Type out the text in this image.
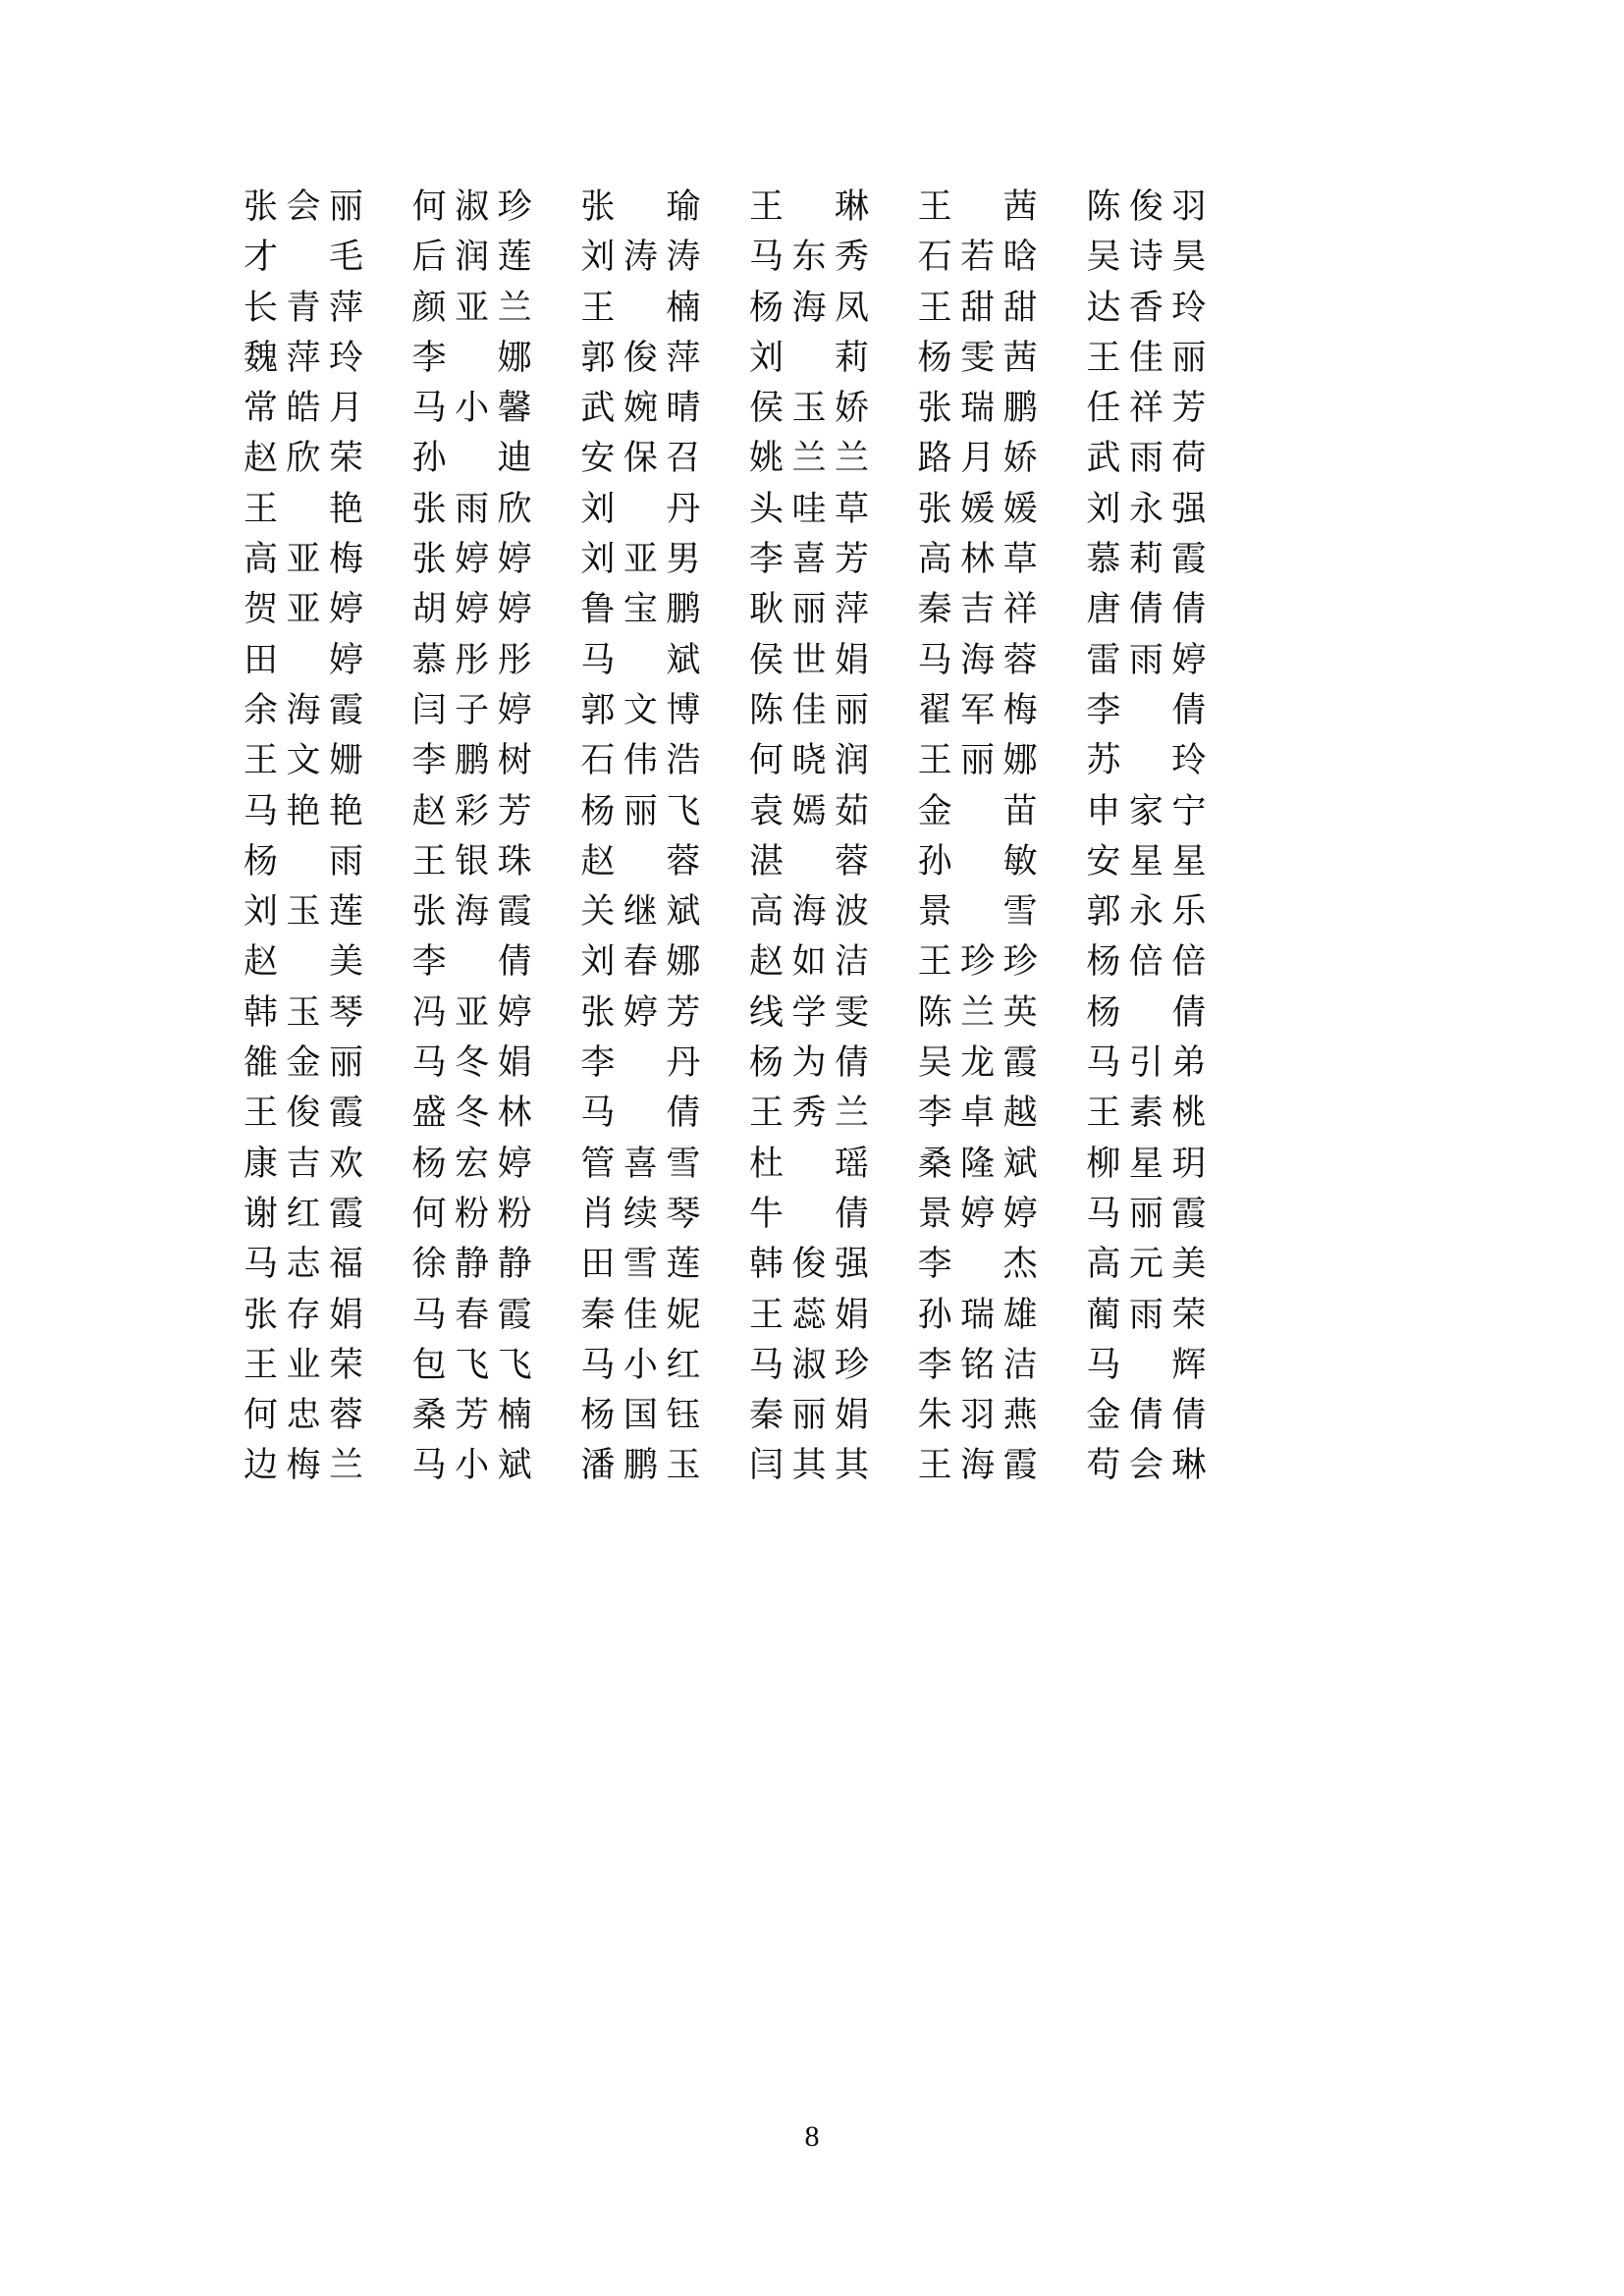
张会丽 何淑珍 张 瑜 王 琳 王 茜 陈俊羽
才 毛 后润莲 刘涛涛 马东秀 石若晗 吴诗昊
长青萍 颜亚兰 王 楠 杨海凤 王甜甜 达香玲
魏萍玲 李 娜 郭俊萍 刘 莉 杨雯茜 王佳丽
常皓月 马小馨 武婉晴 侯玉娇 张瑞鹏 任祥芳
赵欣荣 孙 迪 安保召 姚兰兰 路月娇 武雨荷
王 艳 张雨欣 刘 丹 头哇草 张媛媛 刘永强
高亚梅 张婷婷 刘亚男 李喜芳 高林草 慕莉霞
贺亚婷 胡婷婷 鲁宝鹏 耿丽萍 秦吉祥 唐倩倩
田 婷 慕彤彤 马 斌 侯世娟 马海蓉 雷雨婷
余海霞 闫子婷 郭文博 陈佳丽 翟军梅 李 倩
王文姗 李鹏树 石伟浩 何晓润 王丽娜 苏 玲
马艳艳 赵彩芳 杨丽飞 袁嫣茹 金 苗 申家宁
杨 雨 王银珠 赵 蓉 湛 蓉 孙 敏 安星星
刘玉莲 张海霞 关继斌 高海波 景 雪 郭永乐
赵 美 李 倩 刘春娜 赵如洁 王珍珍 杨倍倍
韩玉琴 冯亚婷 张婷芳 线学雯 陈兰英 杨 倩
雒金丽 马冬娟 李 丹 杨为倩 吴龙霞 马引弟
王俊霞 盛冬林 马 倩 王秀兰 李卓越 王素桃
康吉欢 杨宏婷 管喜雪 杜 瑶 桑隆斌 柳星玥
谢红霞 何粉粉 肖续琴 牛 倩 景婷婷 马丽霞
马志福 徐静静 田雪莲 韩俊强 李 杰 高元美
张存娟 马春霞 秦佳妮 王蕊娟 孙瑞雄 蔺雨荣
王业荣 包飞飞 马小红 马淑珍 李铭洁 马 辉
何忠蓉 桑芳楠 杨国钰 秦丽娟 朱羽燕 金倩倩
边梅兰 马小斌 潘鹏玉 闫其其 王海霞 苟会琳
8
